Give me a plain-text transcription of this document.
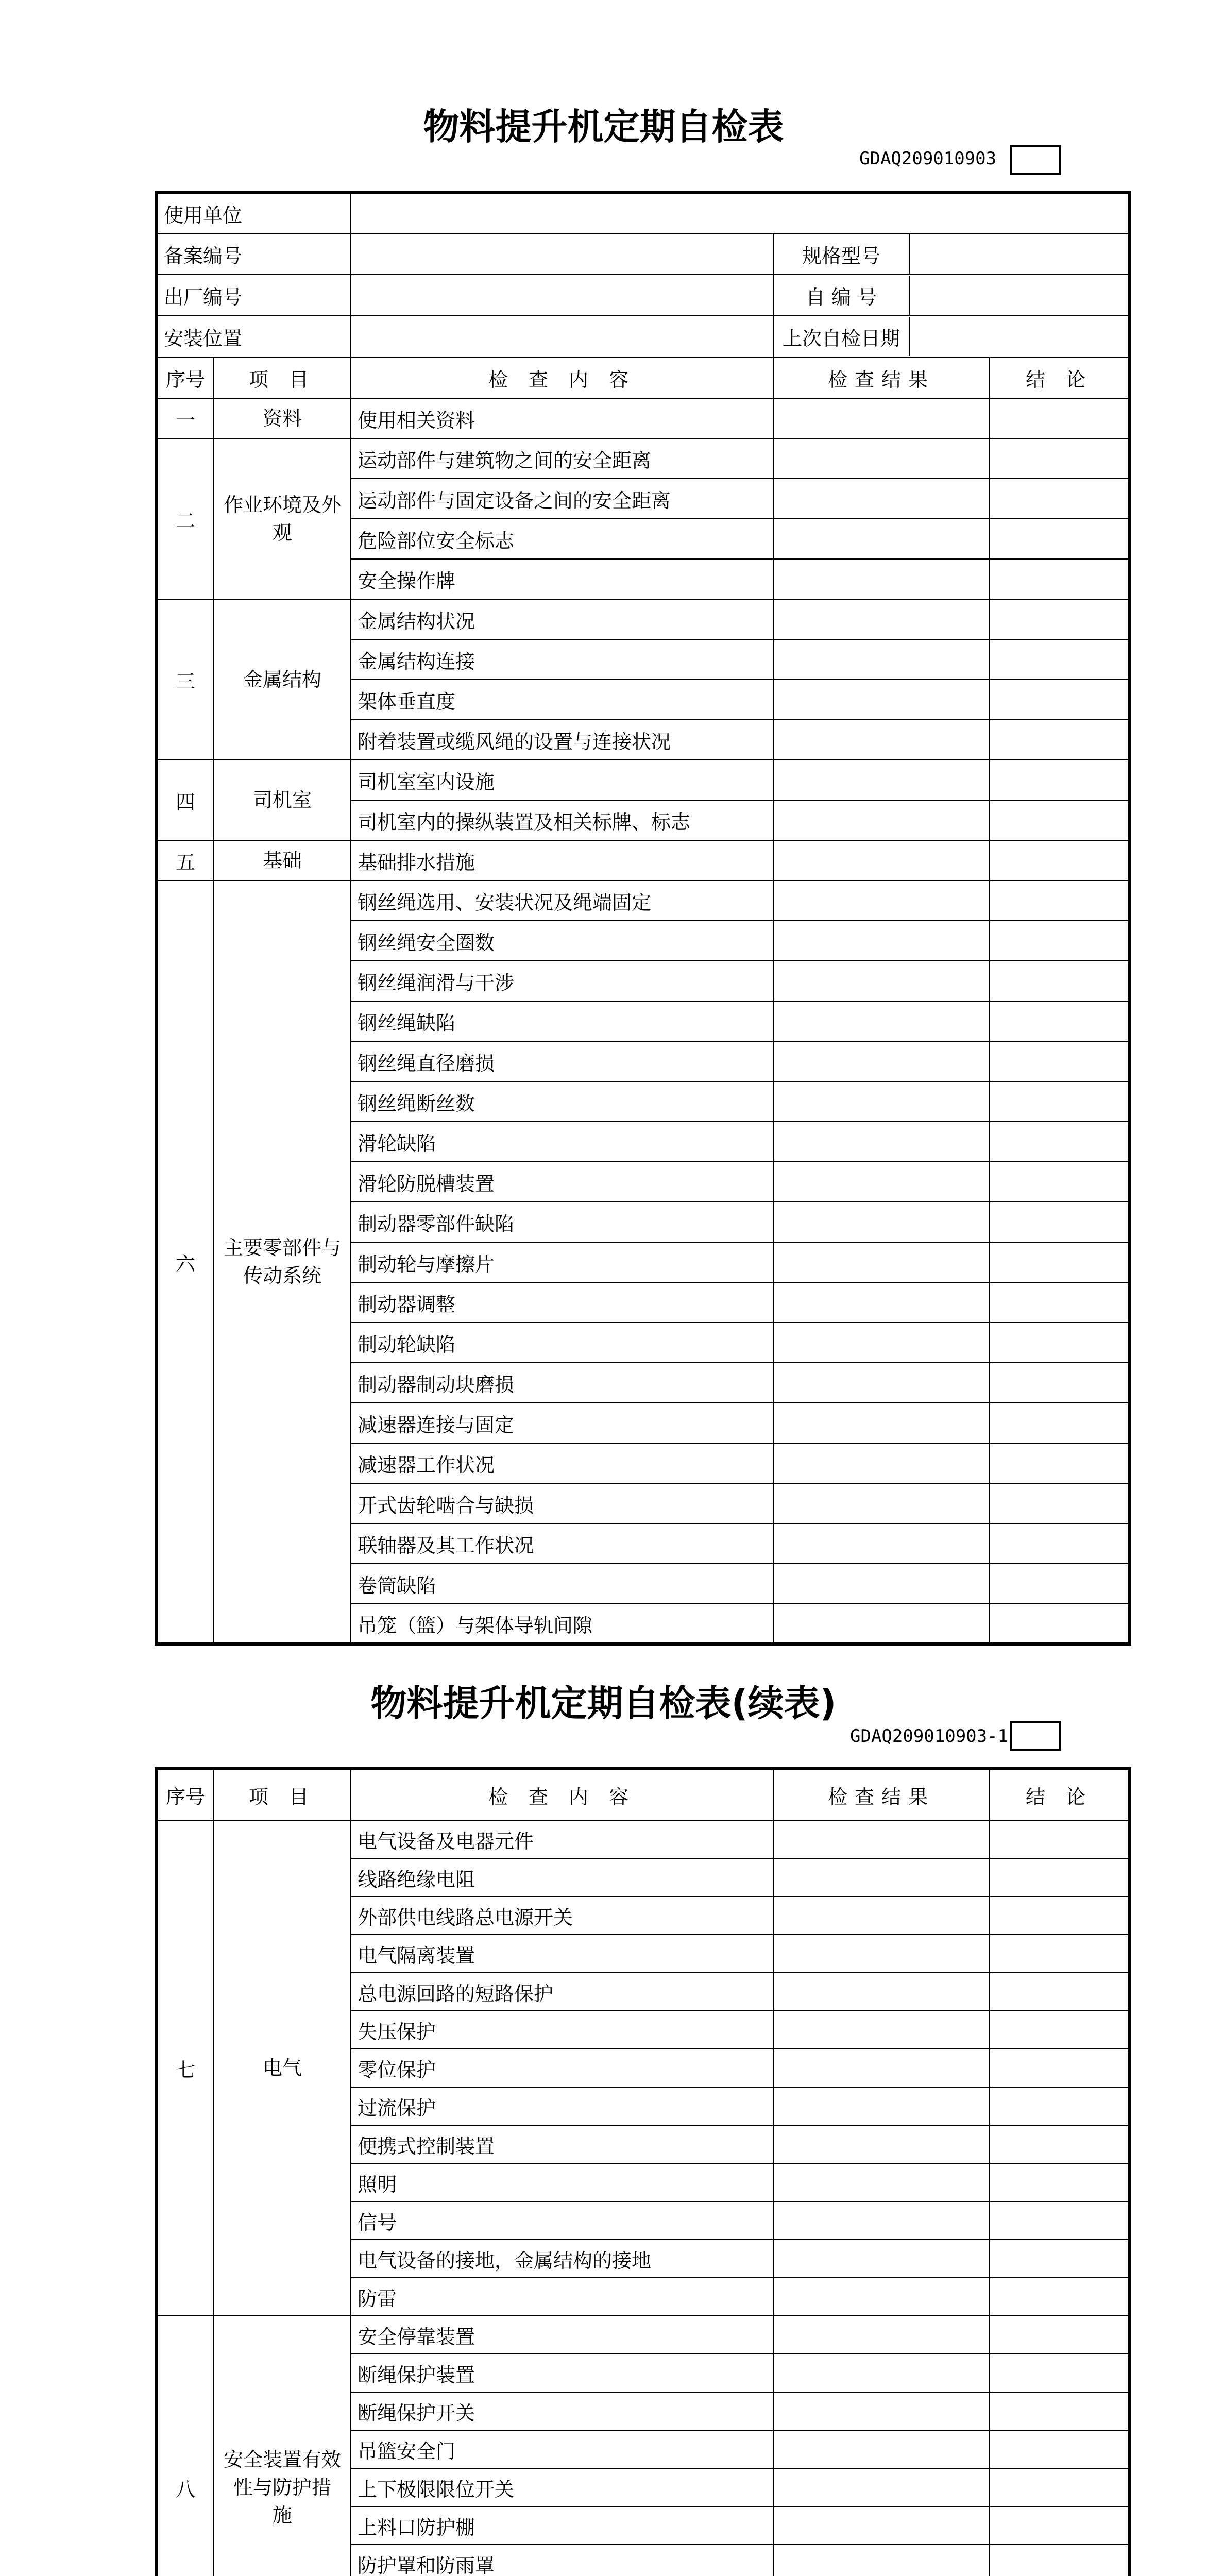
物料提升机定期自检表
GDAQ209010903
使用单位				
备案编号			规格型号	

出厂编号			自 编 号	

安装位置			上次自检日期	

序号	项 目	检 查 内 容	检查结果	结 论
一	资料	使用相关资料		
二	作业环境及外观	运动部件与建筑物之间的安全距离		
		运动部件与固定设备之间的安全距离		
		危险部位安全标志		
		安全操作牌		
三	金属结构	金属结构状况		
		金属结构连接		
		架体垂直度		
		附着装置或缆风绳的设置与连接状况		
四	司机室	司机室室内设施		
		司机室内的操纵装置及相关标牌、标志		
五	基础	基础排水措施		
六	主要零部件与传动系统	钢丝绳选用、安装状况及绳端固定		
		钢丝绳安全圈数		
		钢丝绳润滑与干涉		
		钢丝绳缺陷		
		钢丝绳直径磨损		
		钢丝绳断丝数		
		滑轮缺陷		
		滑轮防脱槽装置		
		制动器零部件缺陷		
		制动轮与摩擦片		
		制动器调整		
		制动轮缺陷		
		制动器制动块磨损		
		减速器连接与固定		
		减速器工作状况		
		开式齿轮啮合与缺损		
		联轴器及其工作状况		
		卷筒缺陷		
		吊笼（篮）与架体导轨间隙		
物料提升机定期自检表(续表)
GDAQ209010903-1
序号	项 目	检 查 内 容	检查结果	结 论
七	电气	电气设备及电器元件		
		线路绝缘电阻		
		外部供电线路总电源开关		
		电气隔离装置		
		总电源回路的短路保护		
		失压保护		
		零位保护		
		过流保护		
		便携式控制装置		
		照明		
		信号		
		电气设备的接地，金属结构的接地		
		防雷		
八	安全装置有效性与防护措 施	安全停靠装置		
		断绳保护装置		
		断绳保护开关		
		吊篮安全门		
		上下极限限位开关		
		上料口防护棚		
		防护罩和防雨罩		
